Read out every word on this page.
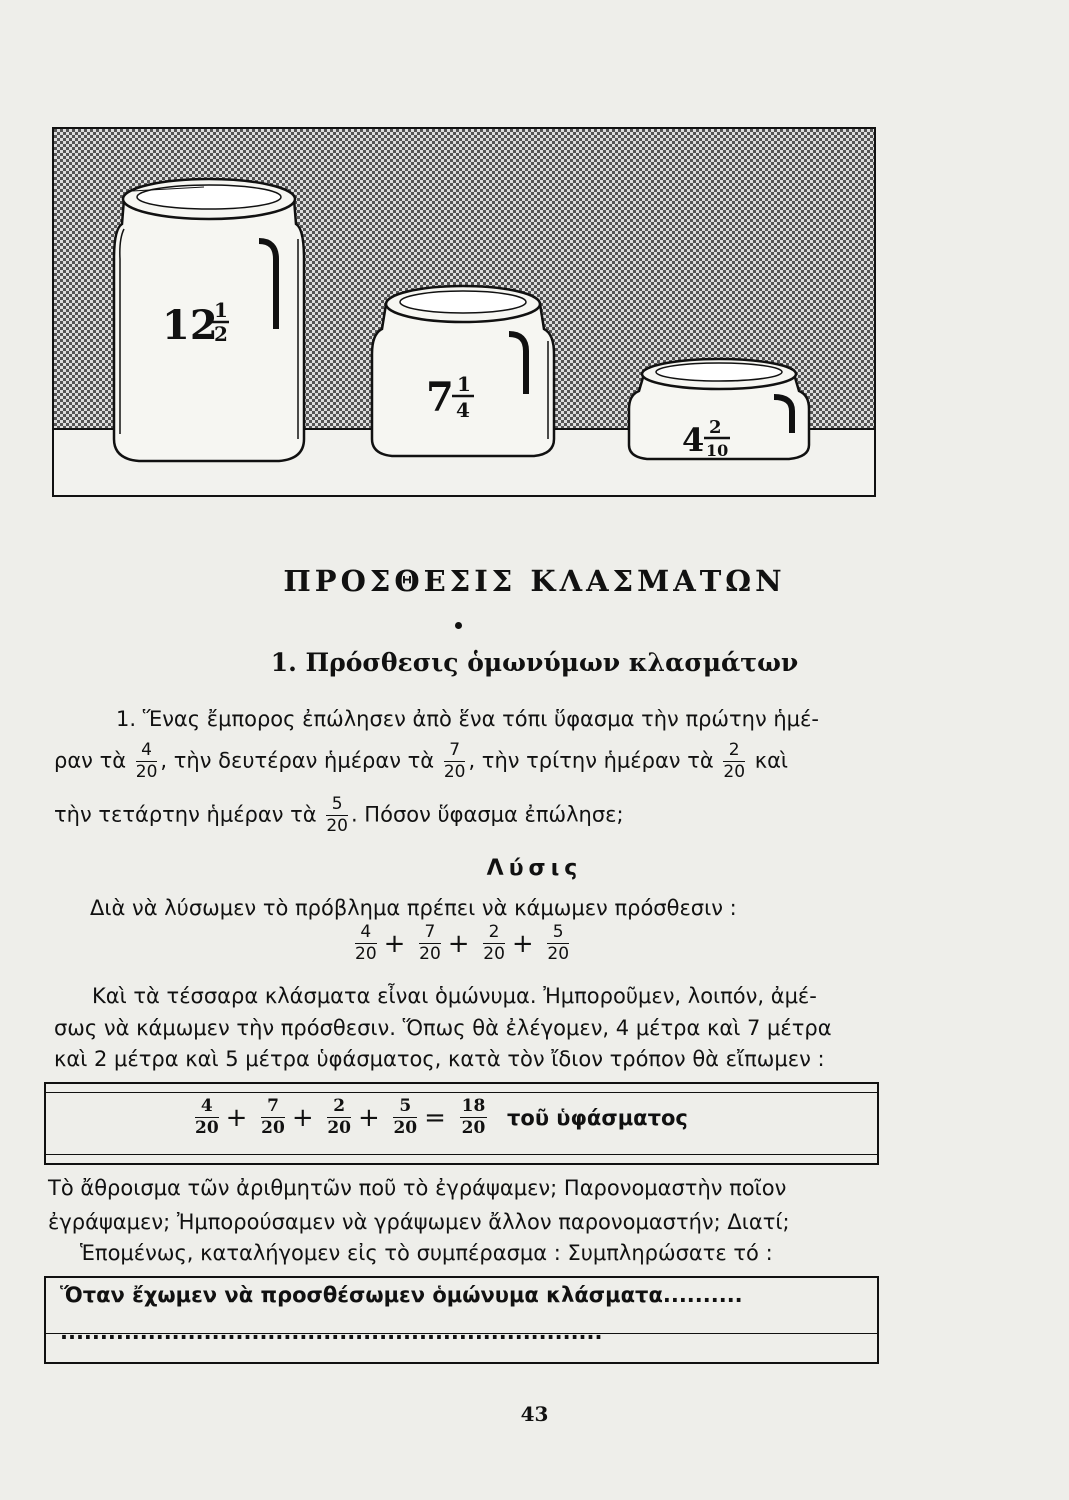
12
1
2
7 1
4
4 2
10
ΠΡΟΣΘΕΣΙΣ ΚΛΑΣΜΑΤΩΝ
1. Πρόσθεσις ὁμωνύμων κλασμάτων
1. Ἕνας ἔμπορος ἐπώλησεν ἀπὸ ἕνα τόπι ὕφασμα τὴν πρώτην ἡμέ-
ραν τὰ $\frac{4}{20}$ , τὴν δευτέραν ἡμέραν τὰ $\frac{7}{20}$ , τὴν τρίτην ἡμέραν τὰ $\frac{2}{20}$ καὶ
τὴν τετάρτην ἡμέραν τὰ $\frac{5}{20}$ . Πόσον ὕφασμα ἐπώλησε;
Λύσις
Διὰ νὰ λύσωμεν τὸ πρόβλημα πρέπει νὰ κάμωμεν πρόσθεσιν :
$\frac{4}{20} + \frac{7}{20} + \frac{2}{20} + \frac{5}{20}$
Καὶ τὰ τέσσαρα κλάσματα εἶναι ὁμώνυμα. Ἠμποροῦμεν, λοιπόν, ἀμέ-
σως νὰ κάμωμεν τὴν πρόσθεσιν. Ὅπως θὰ ἐλέγομεν, 4 μέτρα καὶ 7 μέτρα
καὶ 2 μέτρα καὶ 5 μέτρα ὑφάσματος, κατὰ τὸν ἴδιον τρόπον θὰ εἴπωμεν :
$\frac{4}{20} + \frac{7}{20} + \frac{2}{20} + \frac{5}{20} = \frac{18}{20}$ τοῦ ὑφάσματος
Τὸ ἄθροισμα τῶν ἀριθμητῶν ποῦ τὸ ἐγράψαμεν; Παρονομαστὴν ποῖον
ἐγράψαμεν; Ἠμπορούσαμεν νὰ γράψωμεν ἄλλον παρονομαστήν; Διατί;
Ἑπομένως, καταλήγομεν εἰς τὸ συμπέρασμα : Συμπληρώσατε τό :
Ὅταν ἔχωμεν νὰ προσθέσωμεν ὁμώνυμα κλάσματα..........
....................................................................
43
